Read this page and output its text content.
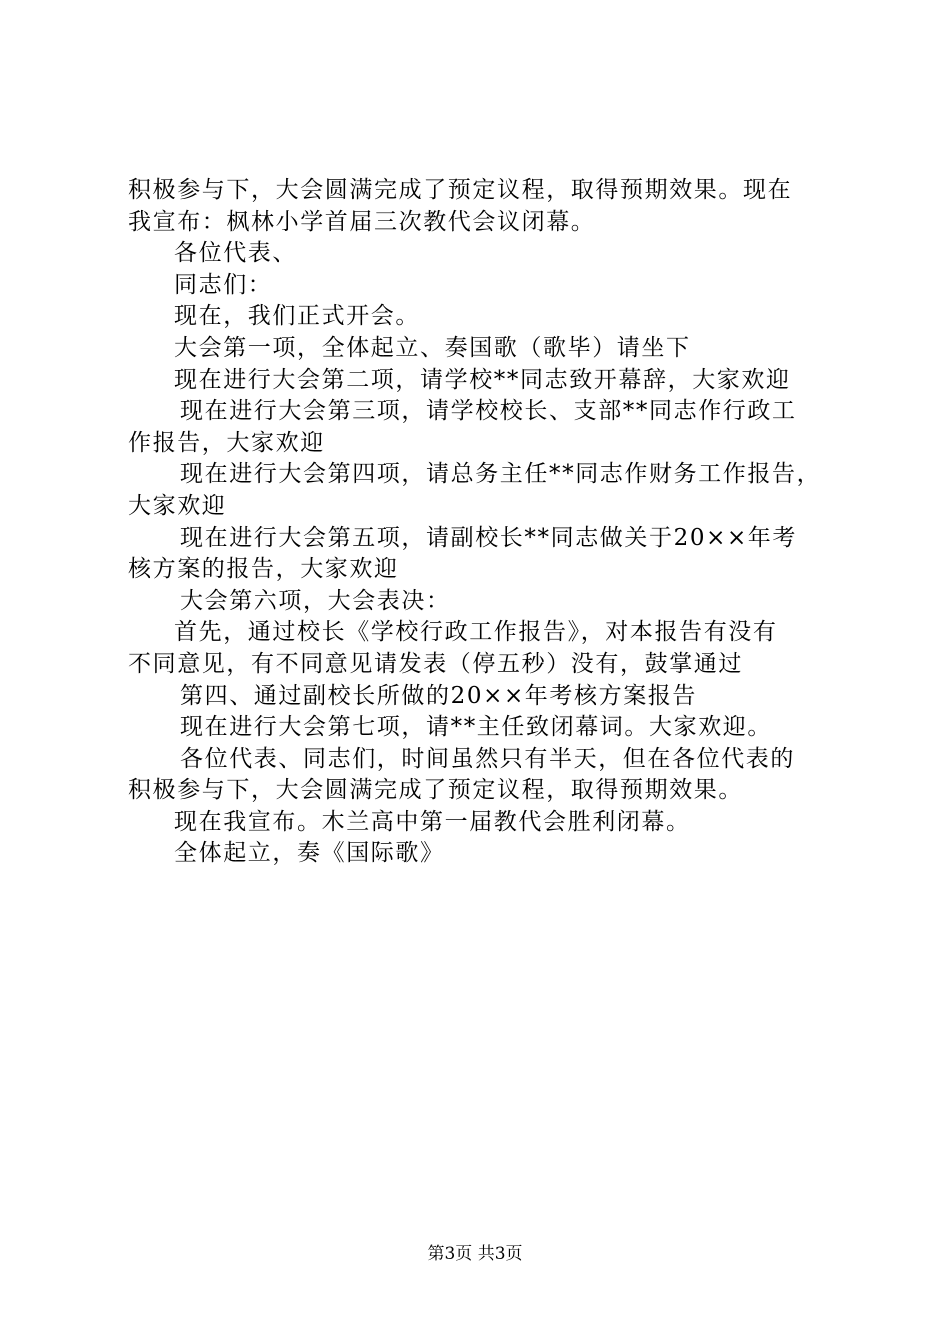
积极参与下，大会圆满完成了预定议程，取得预期效果。现在
我宣布：枫林小学首届三次教代会议闭幕。
各位代表、
同志们：
现在，我们正式开会。
大会第一项，全体起立、奏国歌（歌毕）请坐下
现在进行大会第二项，请学校**同志致开幕辞，大家欢迎
现在进行大会第三项，请学校校长、支部**同志作行政工
作报告，大家欢迎
现在进行大会第四项，请总务主任**同志作财务工作报告，
大家欢迎
现在进行大会第五项，请副校长**同志做关于20××年考
核方案的报告，大家欢迎
大会第六项，大会表决：
首先，通过校长《学校行政工作报告》，对本报告有没有
不同意见，有不同意见请发表（停五秒）没有，鼓掌通过
第四、通过副校长所做的20××年考核方案报告
现在进行大会第七项，请**主任致闭幕词。大家欢迎。
各位代表、同志们，时间虽然只有半天，但在各位代表的
积极参与下，大会圆满完成了预定议程，取得预期效果。
现在我宣布。木兰高中第一届教代会胜利闭幕。
全体起立，奏《国际歌》
第3页 共3页
